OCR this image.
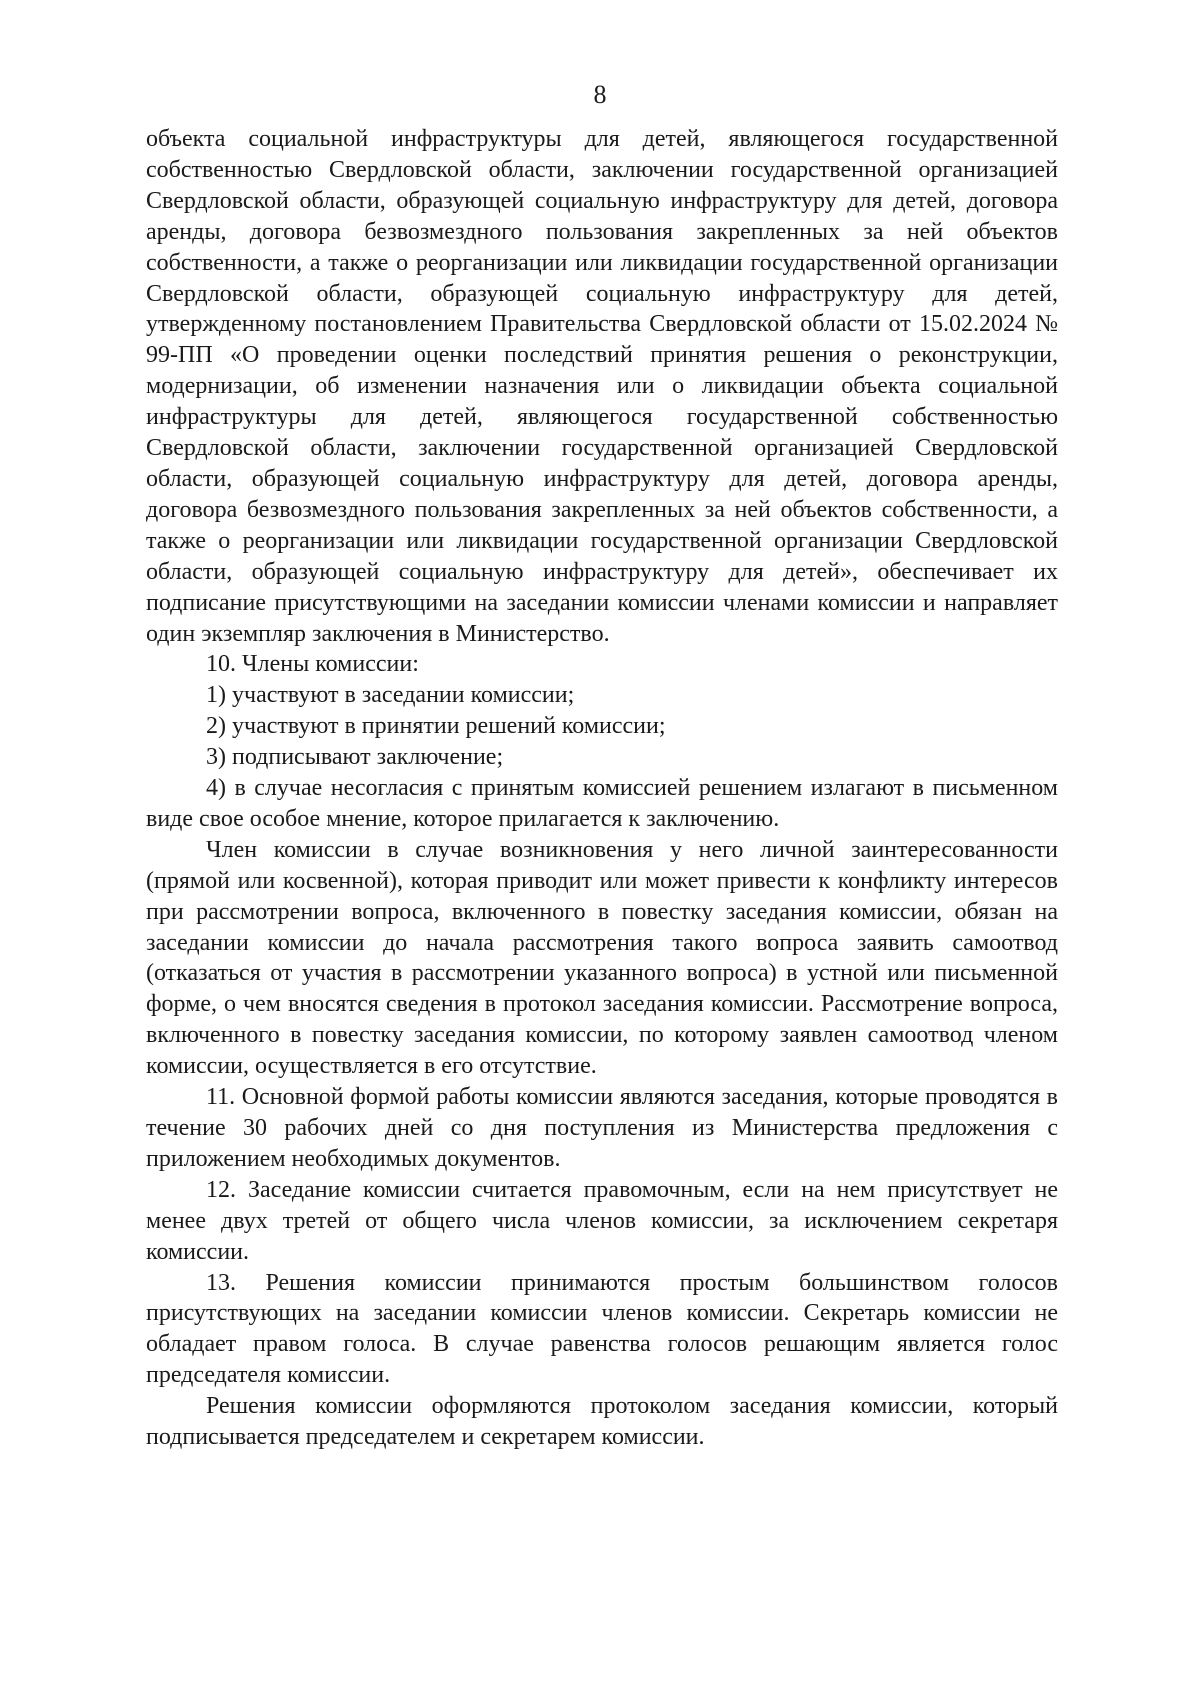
8

объекта социальной инфраструктуры для детей, являющегося государственной собственностью Свердловской области, заключении государственной организацией Свердловской области, образующей социальную инфраструктуру для детей, договора аренды, договора безвозмездного пользования закрепленных за ней объектов собственности, а также о реорганизации или ликвидации государственной организации Свердловской области, образующей социальную инфраструктуру для детей, утвержденному постановлением Правительства Свердловской области от 15.02.2024 № 99-ПП «О проведении оценки последствий принятия решения о реконструкции, модернизации, об изменении назначения или о ликвидации объекта социальной инфраструктуры для детей, являющегося государственной собственностью Свердловской области, заключении государственной организацией Свердловской области, образующей социальную инфраструктуру для детей, договора аренды, договора безвозмездного пользования закрепленных за ней объектов собственности, а также о реорганизации или ликвидации государственной организации Свердловской области, образующей социальную инфраструктуру для детей», обеспечивает их подписание присутствующими на заседании комиссии членами комиссии и направляет один экземпляр заключения в Министерство.

10. Члены комиссии:

1) участвуют в заседании комиссии;

2) участвуют в принятии решений комиссии;

3) подписывают заключение;

4) в случае несогласия с принятым комиссией решением излагают в письменном виде свое особое мнение, которое прилагается к заключению.

Член комиссии в случае возникновения у него личной заинтересованности (прямой или косвенной), которая приводит или может привести к конфликту интересов при рассмотрении вопроса, включенного в повестку заседания комиссии, обязан на заседании комиссии до начала рассмотрения такого вопроса заявить самоотвод (отказаться от участия в рассмотрении указанного вопроса) в устной или письменной форме, о чем вносятся сведения в протокол заседания комиссии. Рассмотрение вопроса, включенного в повестку заседания комиссии, по которому заявлен самоотвод членом комиссии, осуществляется в его отсутствие.

11. Основной формой работы комиссии являются заседания, которые проводятся в течение 30 рабочих дней со дня поступления из Министерства предложения с приложением необходимых документов.

12. Заседание комиссии считается правомочным, если на нем присутствует не менее двух третей от общего числа членов комиссии, за исключением секретаря комиссии.

13. Решения комиссии принимаются простым большинством голосов присутствующих на заседании комиссии членов комиссии. Секретарь комиссии не обладает правом голоса. В случае равенства голосов решающим является голос председателя комиссии.

Решения комиссии оформляются протоколом заседания комиссии, который подписывается председателем и секретарем комиссии.
